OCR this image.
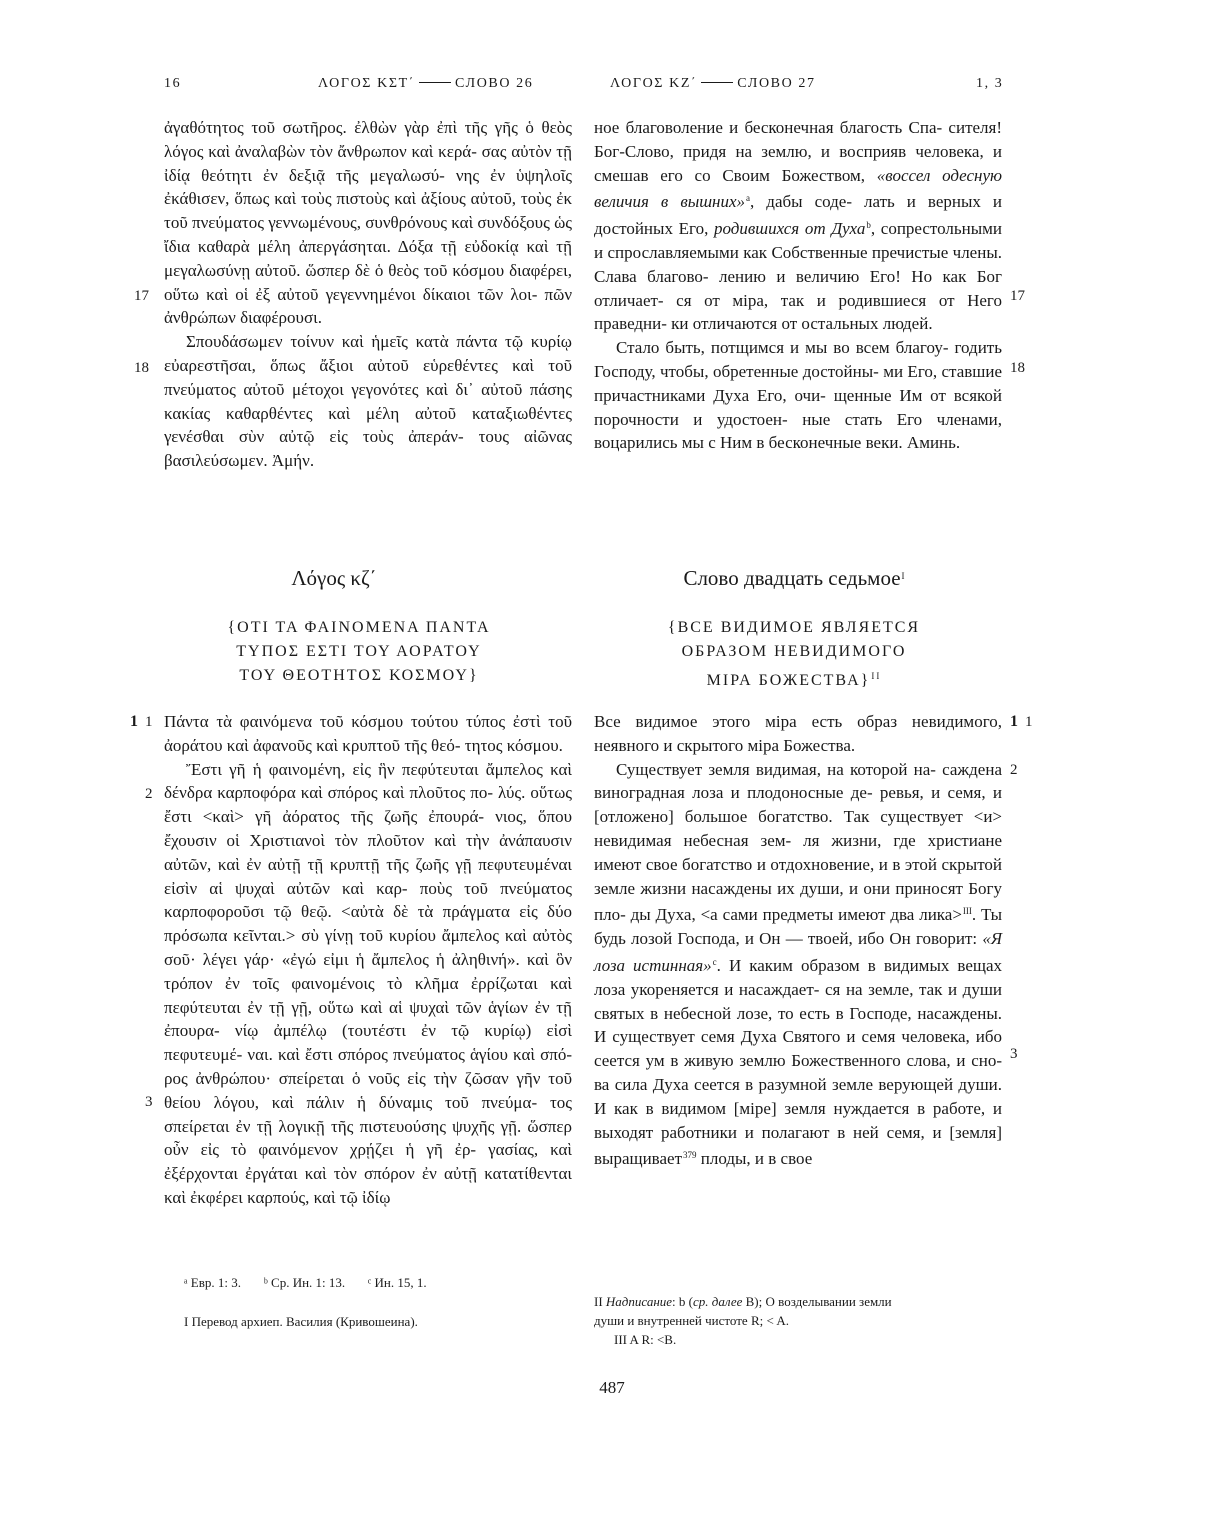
16	ΛΟΓΟΣ ΚΣΤ΄	СЛОВО 26	ΛΟΓΟΣ ΚΖ΄	СЛОВО 27	1, 3

ἀγαθότητος τοῦ σωτῆρος. ἐλθὼν γὰρ ἐπὶ τῆς γῆς ὁ θεὸς λόγος καὶ ἀναλαβὼν τὸν ἄνθρωπον καὶ κερά- σας αὐτὸν τῇ ἰδίᾳ θεότητι ἐν δεξιᾷ τῆς μεγαλωσύ- νης ἐν ὑψηλοῖς ἐκάθισεν, ὅπως καὶ τοὺς πιστοὺς καὶ ἀξίους αὐτοῦ, τοὺς ἐκ τοῦ πνεύματος γεννωμένους, συνθρόνους καὶ συνδόξους ὡς ἴδια καθαρὰ μέλη ἀπεργάσηται. Δόξα τῇ εὐδοκίᾳ καὶ τῇ μεγαλωσύνῃ αὐτοῦ. ὥσπερ δὲ ὁ θεὸς τοῦ κόσμου διαφέρει, οὕτω καὶ οἱ ἐξ αὐτοῦ γεγεννημένοι δίκαιοι τῶν λοι- πῶν ἀνθρώπων διαφέρουσι.

Σπουδάσωμεν τοίνυν καὶ ἡμεῖς κατὰ πάντα τῷ κυρίῳ εὐαρεστῆσαι, ὅπως ἄξιοι αὐτοῦ εὑρεθέντες καὶ τοῦ πνεύματος αὐτοῦ μέτοχοι γεγονότες καὶ δι᾿ αὐτοῦ πάσης κακίας καθαρθέντες καὶ μέλη αὐτοῦ καταξιωθέντες γενέσθαι σὺν αὐτῷ εἰς τοὺς ἀπεράν- τους αἰῶνας βασιλεύσωμεν. Ἀμήν.

17
18

ное благоволение и бесконечная благость Спа- сителя! Бог-Слово, придя на землю, и восприяв человека, и смешав его со Своим Божеством, «воссел одесную величия в вышних»$^a$, дабы соде- лать и верных и достойных Его, родившихся от Духа$^b$, сопрестольными и спрославляемыми как Собственные пречистые члены. Слава благово- лению и величию Его! Но как Бог отличает- ся от міра, так и родившиеся от Него праведни- ки отличаются от остальных людей.

Стало быть, потщимся и мы во всем благоу- годить Господу, чтобы, обретенные достойны- ми Его, ставшие причастниками Духа Его, очи- щенные Им от всякой порочности и удостоен- ные стать Его членами, воцарились мы с Ним в бесконечные веки. Аминь.

17
18
Λόγος κζ΄	Слово двадцать седьмое$^I$
{ΟΤΙ ΤΑ ΦΑΙΝΟΜΕΝΑ ΠΑΝΤΑ
ΤΥΠΟΣ ΕΣΤΙ ΤΟΥ ΑΟΡΑΤΟΥ
ΤΟΥ ΘΕΟΤΗΤΟΣ ΚΟΣΜΟΥ}
{ВСЕ ВИДИМОЕ ЯВЛЯЕТСЯ
ОБРАЗОМ НЕВИДИМОГО
МІРА БОЖЕСТВА}$^{II}$

Πάντα τὰ φαινόμενα τοῦ κόσμου τούτου τύπος ἐστὶ τοῦ ἀοράτου καὶ ἀφανοῦς καὶ κρυπτοῦ τῆς θεό- τητος κόσμου.

Ἔστι γῆ ἡ φαινομένη, εἰς ἣν πεφύτευται ἄμπελος καὶ δένδρα καρποφόρα καὶ σπόρος καὶ πλοῦτος πο- λύς. οὕτως ἔστι <καὶ> γῆ ἀόρατος τῆς ζωῆς ἐπουρά- νιος, ὅπου ἔχουσιν οἱ Χριστιανοὶ τὸν πλοῦτον καὶ τὴν ἀνάπαυσιν αὐτῶν, καὶ ἐν αὐτῇ τῇ κρυπτῇ τῆς ζωῆς γῇ πεφυτευμέναι εἰσὶν αἱ ψυχαὶ αὐτῶν καὶ καρ- ποὺς τοῦ πνεύματος καρποφοροῦσι τῷ θεῷ. <αὐτὰ δὲ τὰ πράγματα εἰς δύο πρόσωπα κεῖνται.> σὺ γίνῃ τοῦ κυρίου ἄμπελος καὶ αὐτὸς σοῦ· λέγει γάρ· «ἐγώ εἰμι ἡ ἄμπελος ἡ ἀληθινή». καὶ ὃν τρόπον ἐν τοῖς φαινομένοις τὸ κλῆμα ἐρρίζωται καὶ πεφύτευται ἐν τῇ γῇ, οὕτω καὶ αἱ ψυχαὶ τῶν ἁγίων ἐν τῇ ἐπουρα- νίῳ ἀμπέλῳ (τουτέστι ἐν τῷ κυρίῳ) εἰσὶ πεφυτευμέ- ναι. καὶ ἔστι σπόρος πνεύματος ἁγίου καὶ σπό- ρος ἀνθρώπου· σπείρεται ὁ νοῦς εἰς τὴν ζῶσαν γῆν τοῦ θείου λόγου, καὶ πάλιν ἡ δύναμις τοῦ πνεύμα- τος σπείρεται ἐν τῇ λογικῇ τῆς πιστευούσης ψυχῆς γῇ. ὥσπερ οὖν εἰς τὸ φαινόμενον χρῄζει ἡ γῆ ἐρ- γασίας, καὶ ἐξέρχονται ἐργάται καὶ τὸν σπόρον ἐν αὐτῇ κατατίθενται καὶ ἐκφέρει καρπούς, καὶ τῷ ἰδίῳ

1 1
2
3

Все видимое этого міра есть образ невидимого, неявного и скрытого міра Божества.

Существует земля видимая, на которой на- саждена виноградная лоза и плодоносные де- ревья, и семя, и [отложено] большое богатство. Так существует <и> невидимая небесная зем- ля жизни, где христиане имеют свое богатство и отдохновение, и в этой скрытой земле жизни насаждены их души, и они приносят Богу пло- ды Духа, <а сами предметы имеют два лика>$^{III}$. Ты будь лозой Господа, и Он — твоей, ибо Он говорит: «Я лоза истинная»$^c$. И каким образом в видимых вещах лоза укореняется и насаждает- ся на земле, так и души святых в небесной лозе, то есть в Господе, насаждены. И существует семя Духа Святого и семя человека, ибо сеется ум в живую землю Божественного слова, и сно- ва сила Духа сеется в разумной земле верующей души. И как в видимом [міре] земля нуждается в работе, и выходят работники и полагают в ней семя, и [земля] выращивает$^{379}$ плоды, и в свое

1 1
2
3
ᵃ Евр. 1: 3. ᵇ Ср. Ин. 1: 13. ᶜ Ин. 15, 1.
I Перевод архиеп. Василия (Кривошеина).
II Надписание: b (ср. далее B); О возделывании земли
души и внутренней чистоте R; < A.
III A R: <B.
487
